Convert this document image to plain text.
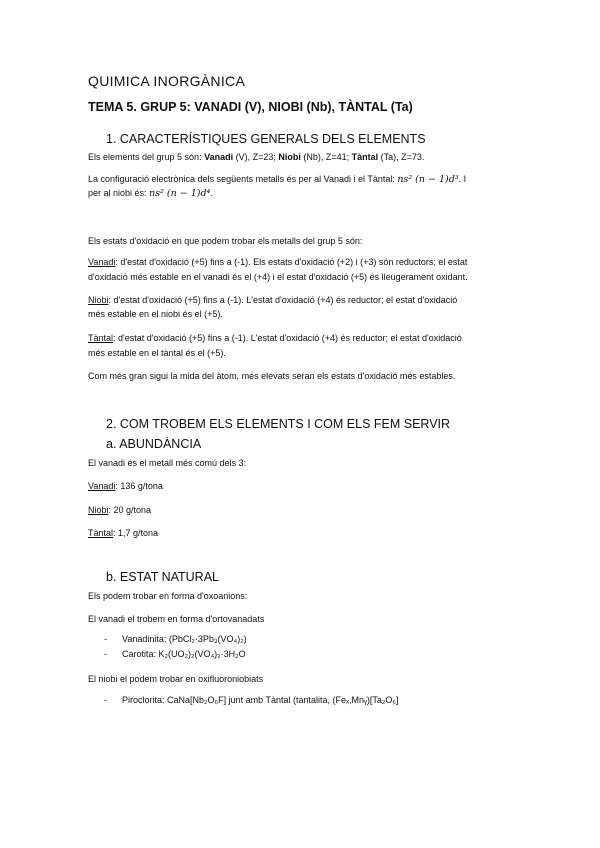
QUIMICA INORGÀNICA
TEMA 5. GRUP 5: VANADI (V), NIOBI (Nb), TÀNTAL (Ta)
1. CARACTERÍSTIQUES GENERALS DELS ELEMENTS
Els elements del grup 5 són: Vanadi (V), Z=23; Niobi (Nb), Z=41; Tàntal (Ta), Z=73.
La configuració electrònica dels següents metalls és per al Vanadi i el Tàntal: ns² (n − 1)d³. I
per al niobi és: ns² (n − 1)d⁴.
Els estats d'oxidació en que podem trobar els metalls del grup 5 són:
Vanadi: d'estat d'oxidació (+5) fins a (-1). Els estats d'oxidació (+2) i (+3) són reductors; el estat
d'oxidació més estable en el vanadi és el (+4) i el estat d'oxidació (+5) és lleugerament oxidant.
Niobi: d'estat d'oxidació (+5) fins a (-1). L'estat d'oxidació (+4) és reductor; el estat d'oxidació
més estable en el niobi és el (+5).
Tàntal: d'estat d'oxidació (+5) fins a (-1). L'estat d'oxidació (+4) és reductor; el estat d'oxidació
més estable en el tàntal és el (+5).
Com més gran sigui la mida del àtom, més elevats seran els estats d'oxidació més estables.
2. COM TROBEM ELS ELEMENTS I COM ELS FEM SERVIR
a. ABUNDÀNCIA
El vanadi és el metall més comú dels 3:
Vanadi: 136 g/tona
Niobi: 20 g/tona
Tàntal: 1,7 g/tona
b. ESTAT NATURAL
Els podem trobar en forma d'oxoanions:
El vanadi el trobem en forma d'ortovanadats
- Vanadinita: (PbCl₂·3Pb₃(VO₄)₂)
- Carotita: K₂(UO₂)₂(VO₄)₂·3H₂O
El niobi el podem trobar en oxifluoroniobiats
- Piroclorita: CaNa[Nb₂O₆F] junt amb Tàntal (tantalita, (Feₓ,Mnᵧ)[Ta₂O₆]
